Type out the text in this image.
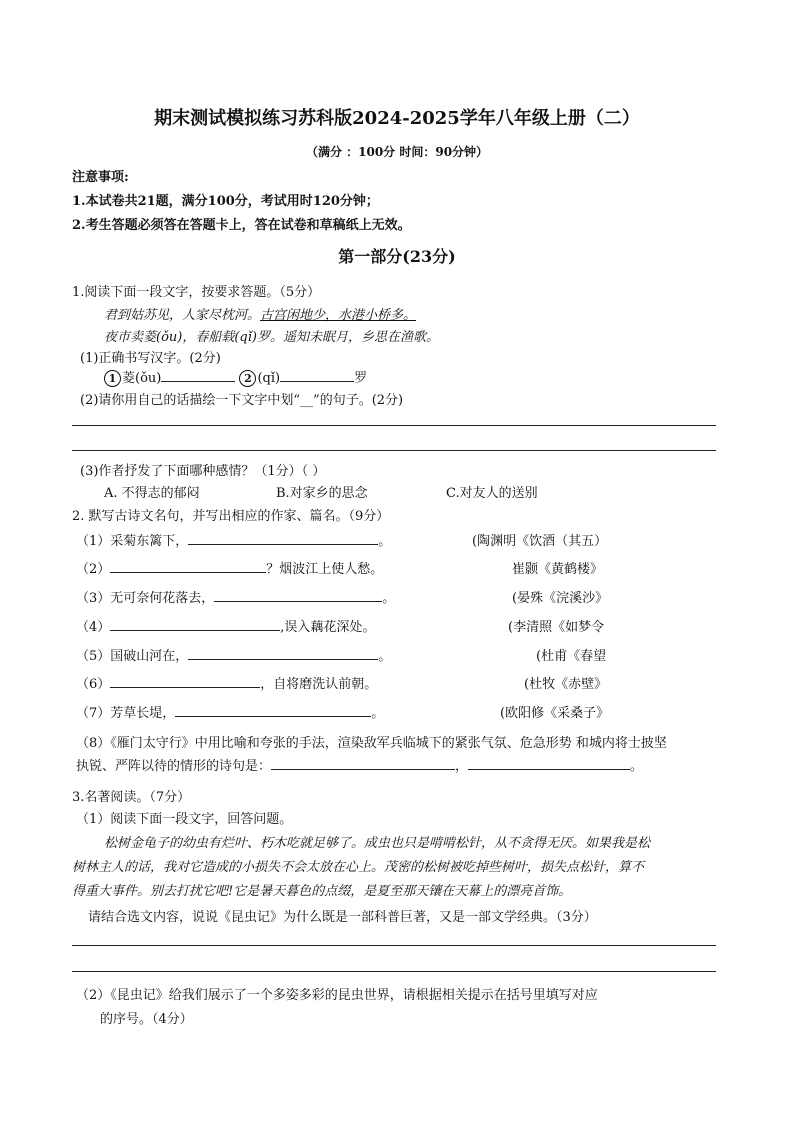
期末测试模拟练习苏科版2024-2025学年八年级上册（二）
（满分 ：100分 时间：90分钟）
注意事项:
1.本试卷共21题，满分100分，考试用时120分钟；
2.考生答题必须答在答题卡上，答在试卷和草稿纸上无效。
第一部分(23分)
1.阅读下面一段文字，按要求答题。（5分）
君到姑苏见，人家尽枕河。古宫闲地少，水港小桥多。
夜市卖菱(ǒu)，春船载(qǐ)罗。遥知未眠月，乡思在渔歌。
(1)正确书写汉字。(2分)
1 菱(ǒu)	2 (qǐ)	罗
(2)请你用自己的话描绘一下文字中划“__”的句子。(2分)
(3)作者抒发了下面哪种感情？（1分）（ ）
A. 不得志的郁闷	B.对家乡的思念	C.对友人的送别
2. 默写古诗文名句，并写出相应的作家、篇名。（9分）
（1）采菊东篱下，	。	(陶渊明《饮酒（其五）
（2）	？烟波江上使人愁。	崔颢《黄鹤楼》
（3）无可奈何花落去，	。	(晏殊《浣溪沙》
（4）	,误入藕花深处。	(李清照《如梦令
（5）国破山河在，	。	(杜甫《春望
（6）	，自将磨洗认前朝。	(杜牧《赤壁》
（7）芳草长堤，	。	(欧阳修《采桑子》
（8）《雁门太守行》中用比喻和夸张的手法，渲染敌军兵临城下的紧张气氛、危急形势 和城内将士披坚
执锐、严阵以待的情形的诗句是：	，	。
3.名著阅读。（7分）
（1）阅读下面一段文字，回答问题。
松树金龟子的幼虫有烂叶、朽木吃就足够了。成虫也只是啃啃松针，从不贪得无厌。如果我是松
树林主人的话，我对它造成的小损失不会太放在心上。茂密的松树被吃掉些树叶，损失点松针，算不
得重大事件。别去打扰它吧!它是暑天暮色的点缀，是夏至那天镶在天幕上的漂亮首饰。
请结合选文内容，说说《昆虫记》为什么既是一部科普巨著，又是一部文学经典。（3分）
（2）《昆虫记》给我们展示了一个多姿多彩的昆虫世界，请根据相关提示在括号里填写对应
的序号。（4分）
